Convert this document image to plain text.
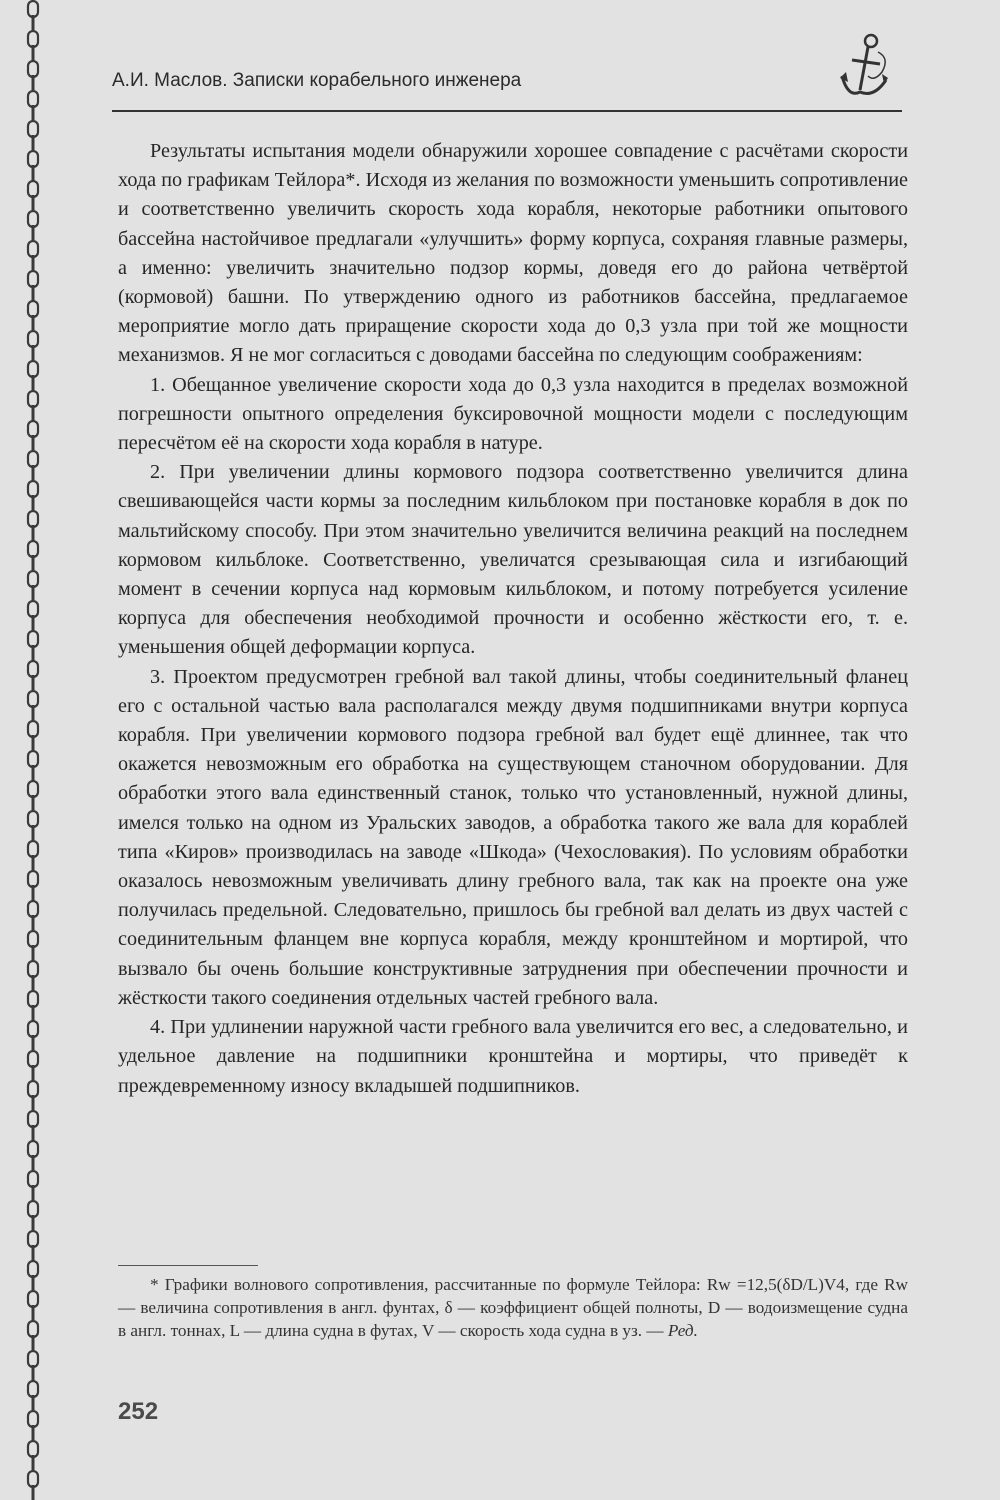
А.И. Маслов. Записки корабельного инженера

Результаты испытания модели обнаружили хорошее совпадение с расчётами скорости хода по графикам Тейлора*. Исходя из желания по возможности уменьшить сопротивление и соответственно увеличить скорость хода корабля, некоторые работники опытового бассейна настойчивое предлагали «улучшить» форму корпуса, сохраняя главные размеры, а именно: увеличить значительно подзор кормы, доведя его до района четвёртой (кормовой) башни. По утверждению одного из работников бассейна, предлагаемое мероприятие могло дать приращение скорости хода до 0,3 узла при той же мощности механизмов. Я не мог согласиться с доводами бассейна по следующим соображениям:

1. Обещанное увеличение скорости хода до 0,3 узла находится в пределах возможной погрешности опытного определения буксировочной мощности модели с последующим пересчётом её на скорости хода корабля в натуре.

2. При увеличении длины кормового подзора соответственно увеличится длина свешивающейся части кормы за последним кильблоком при постановке корабля в док по мальтийскому способу. При этом значительно увеличится величина реакций на последнем кормовом кильблоке. Соответственно, увеличатся срезывающая сила и изгибающий момент в сечении корпуса над кормовым кильблоком, и потому потребуется усиление корпуса для обеспечения необходимой прочности и особенно жёсткости его, т. е. уменьшения общей деформации корпуса.

3. Проектом предусмотрен гребной вал такой длины, чтобы соединительный фланец его с остальной частью вала располагался между двумя подшипниками внутри корпуса корабля. При увеличении кормового подзора гребной вал будет ещё длиннее, так что окажется невозможным его обработка на существующем станочном оборудовании. Для обработки этого вала единственный станок, только что установленный, нужной длины, имелся только на одном из Уральских заводов, а обработка такого же вала для кораблей типа «Киров» производилась на заводе «Шкода» (Чехословакия). По условиям обработки оказалось невозможным увеличивать длину гребного вала, так как на проекте она уже получилась предельной. Следовательно, пришлось бы гребной вал делать из двух частей с соединительным фланцем вне корпуса корабля, между кронштейном и мортирой, что вызвало бы очень большие конструктивные затруднения при обеспечении прочности и жёсткости такого соединения отдельных частей гребного вала.

4. При удлинении наружной части гребного вала увеличится его вес, а следовательно, и удельное давление на подшипники кронштейна и мортиры, что приведёт к преждевременному износу вкладышей подшипников.

* Графики волнового сопротивления, рассчитанные по формуле Тейлора: Rw =12,5(δD/L)V4, где Rw — величина сопротивления в англ. фунтах, δ — коэффициент общей полноты, D — водоизмещение судна в англ. тоннах, L — длина судна в футах, V — скорость хода судна в уз. — Ред.
252
